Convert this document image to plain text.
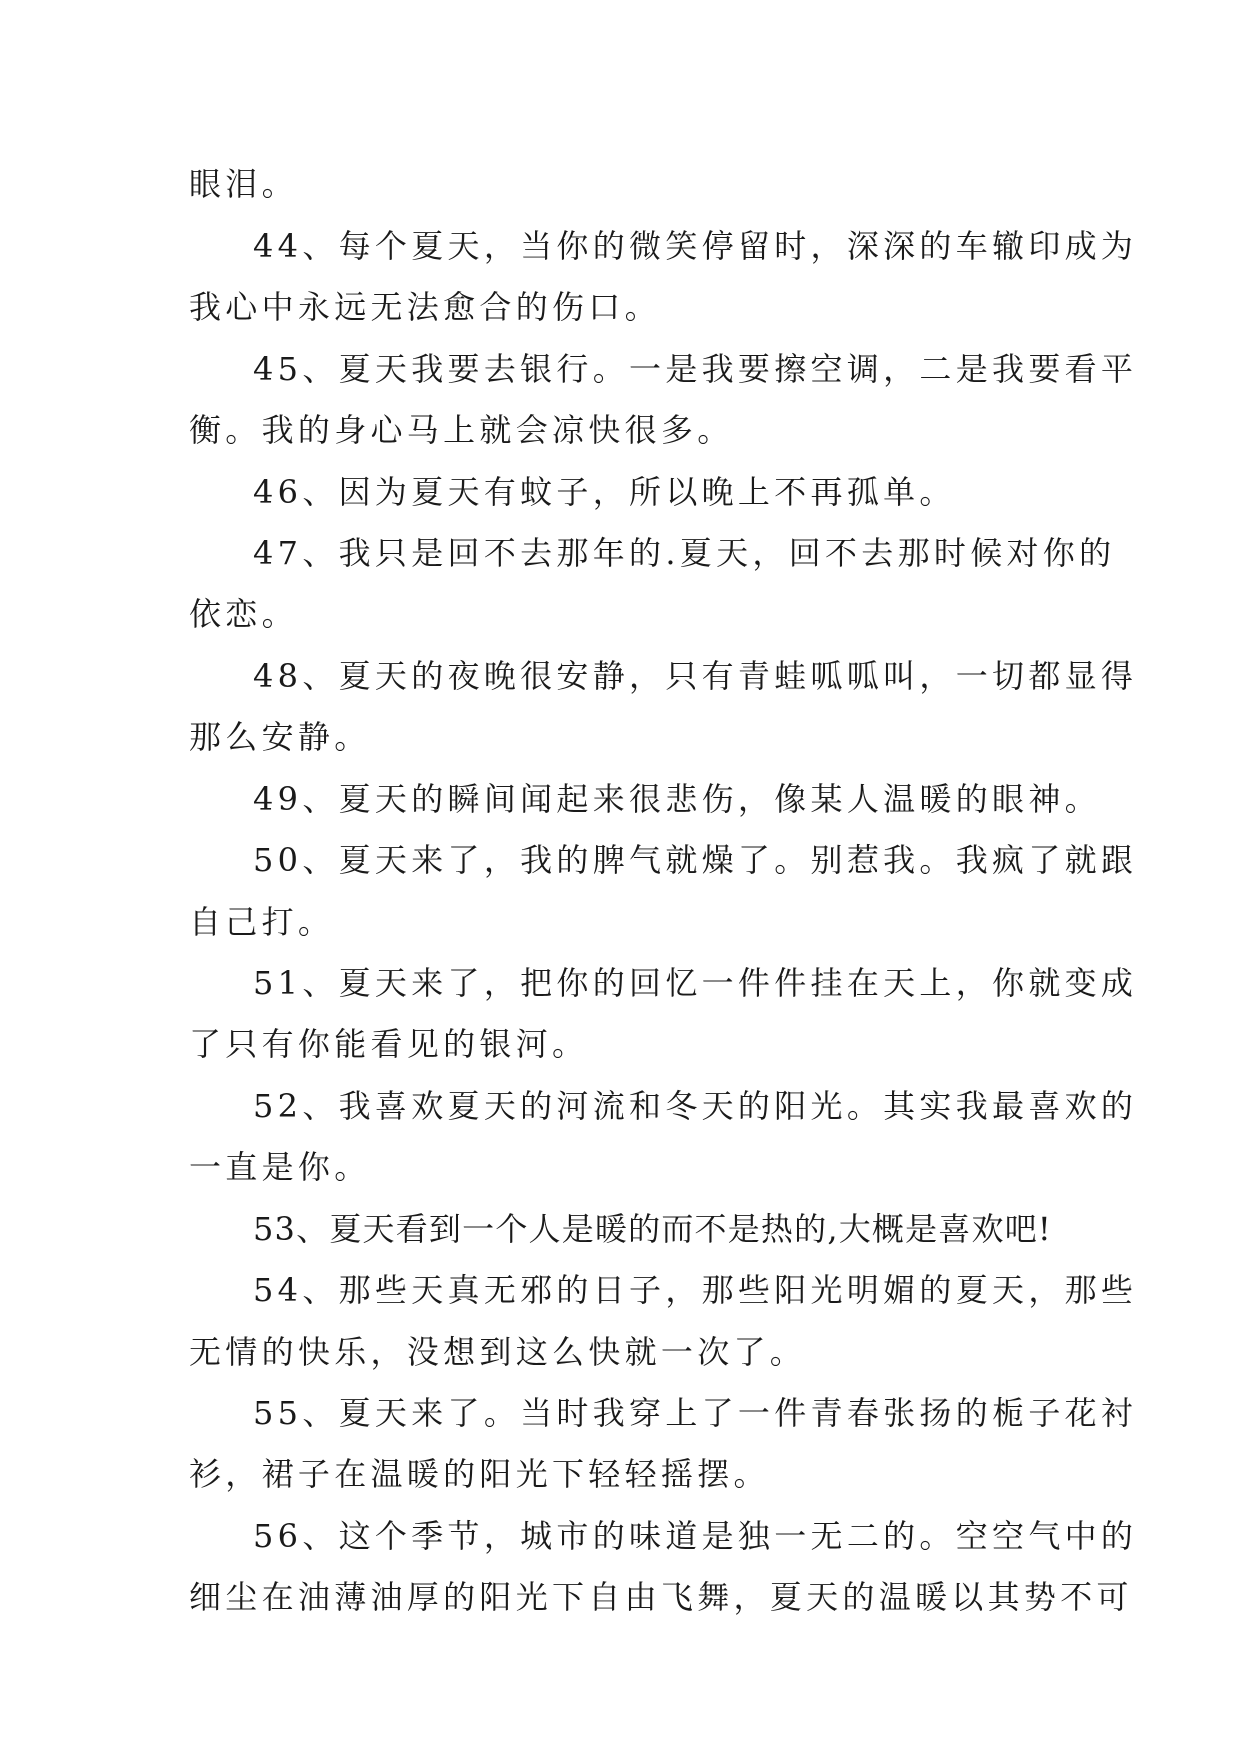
眼泪。
44、每个夏天，当你的微笑停留时，深深的车辙印成为
我心中永远无法愈合的伤口。
45、夏天我要去银行。一是我要擦空调，二是我要看平
衡。我的身心马上就会凉快很多。
46、因为夏天有蚊子，所以晚上不再孤单。
47、我只是回不去那年的.夏天，回不去那时候对你的
依恋。
48、夏天的夜晚很安静，只有青蛙呱呱叫，一切都显得
那么安静。
49、夏天的瞬间闻起来很悲伤，像某人温暖的眼神。
50、夏天来了，我的脾气就燥了。别惹我。我疯了就跟
自己打。
51、夏天来了，把你的回忆一件件挂在天上，你就变成
了只有你能看见的银河。
52、我喜欢夏天的河流和冬天的阳光。其实我最喜欢的
一直是你。
53、夏天看到一个人是暖的而不是热的,大概是喜欢吧!
54、那些天真无邪的日子，那些阳光明媚的夏天，那些
无情的快乐，没想到这么快就一次了。
55、夏天来了。当时我穿上了一件青春张扬的栀子花衬
衫，裙子在温暖的阳光下轻轻摇摆。
56、这个季节，城市的味道是独一无二的。空空气中的
细尘在油薄油厚的阳光下自由飞舞，夏天的温暖以其势不可
